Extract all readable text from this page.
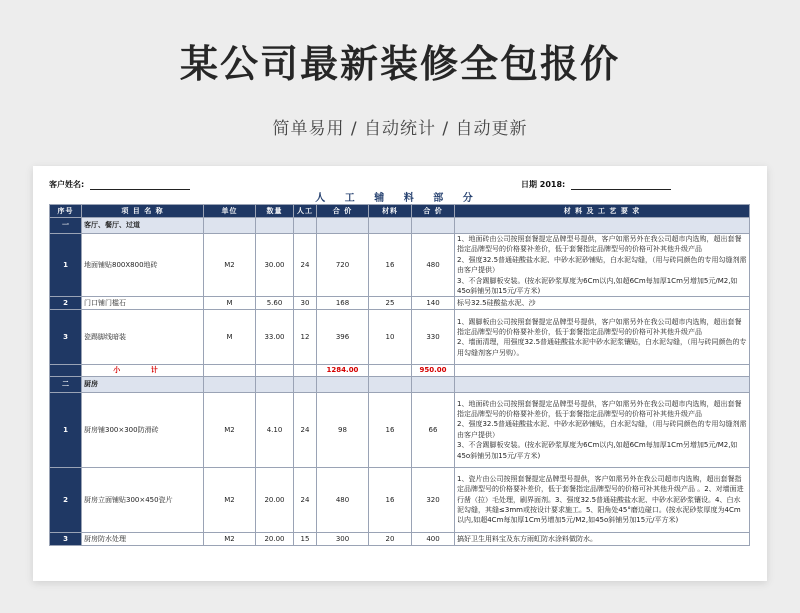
某公司最新装修全包报价
简单易用 / 自动统计 / 自动更新
客户姓名:	日期 2018:
人 工 辅 料 部 分
序号	项 目 名 称	单位	数量	人工	合 价	材料	合 价	材 料 及 工 艺 要 求
一	客厅、餐厅、过道							
1	地面铺贴800X800地砖	M2	30.00	24	720	16	480	1、地面砖由公司按照套餐提定品牌型号提供，客户如需另外在我公司超市内选购，超出套餐指定品牌型号的价格要补差价，低于套餐指定品牌型号的价格可补其他升级产品
2、强度32.5普通硅酸盐水泥、中砂水泥砂铺贴，白水泥勾缝，（用与砖同颜色的专用勾缝剂需由客户提供）
3、不含踢脚板安装。(按水泥砂浆厚度为6Cm以内,如超6Cm每加厚1Cm另增加5元/M2,如45o斜铺另加15元/平方米)
2	门口铺门槛石	M	5.60	30	168	25	140	标号32.5硅酸盐水泥、沙
3	瓷踢脚线暗装	M	33.00	12	396	10	330	1、踢脚板由公司按照套餐提定品牌型号提供，客户如需另外在我公司超市内选购，超出套餐指定品牌型号的价格要补差价，低于套餐指定品牌型号的价格可补其他升级产品
2、墙面清理，用强度32.5普通硅酸盐水泥中砂水泥浆镶贴，白水泥勾缝，（用与砖同颜色的专用勾缝剂客户另购）。
	小 计				1284.00		950.00	
二	厨房							
1	厨房铺300×300防滑砖	M2	4.10	24	98	16	66	1、地面砖由公司按照套餐提定品牌型号提供，客户如需另外在我公司超市内选购，超出套餐指定品牌型号的价格要补差价，低于套餐指定品牌型号的价格可补其他升级产品
2、强度32.5普通硅酸盐水泥、中砂水泥砂铺贴，白水泥勾缝，（用与砖同颜色的专用勾缝剂需由客户提供）
3、不含踢脚板安装。(按水泥砂浆厚度为6Cm以内,如超6Cm每加厚1Cm另增加5元/M2,如45o斜铺另加15元/平方米)
2	厨房立面铺贴300×450瓷片	M2	20.00	24	480	16	320	1、瓷片由公司按照套餐提定品牌型号提供，客户如需另外在我公司超市内选购，超出套餐指定品牌型号的价格要补差价，低于套餐指定品牌型号的价格可补其他升级产品 。2、对墙面进行凿（拉）毛处理，刷界面剂。3、强度32.5普通硅酸盐水泥、中砂水泥砂浆镶设。4、白水泥勾缝，其缝≤3mm或按设计要求施工。5、阳角处45°磨边碰口。(按水泥砂浆厚度为4Cm以内,如超4Cm每加厚1Cm另增加5元/M2,如45o斜铺另加15元/平方米)
3	厨房防水处理	M2	20.00	15	300	20	400	搞好卫生用料宝及东方雨虹防水涂料做防水。
